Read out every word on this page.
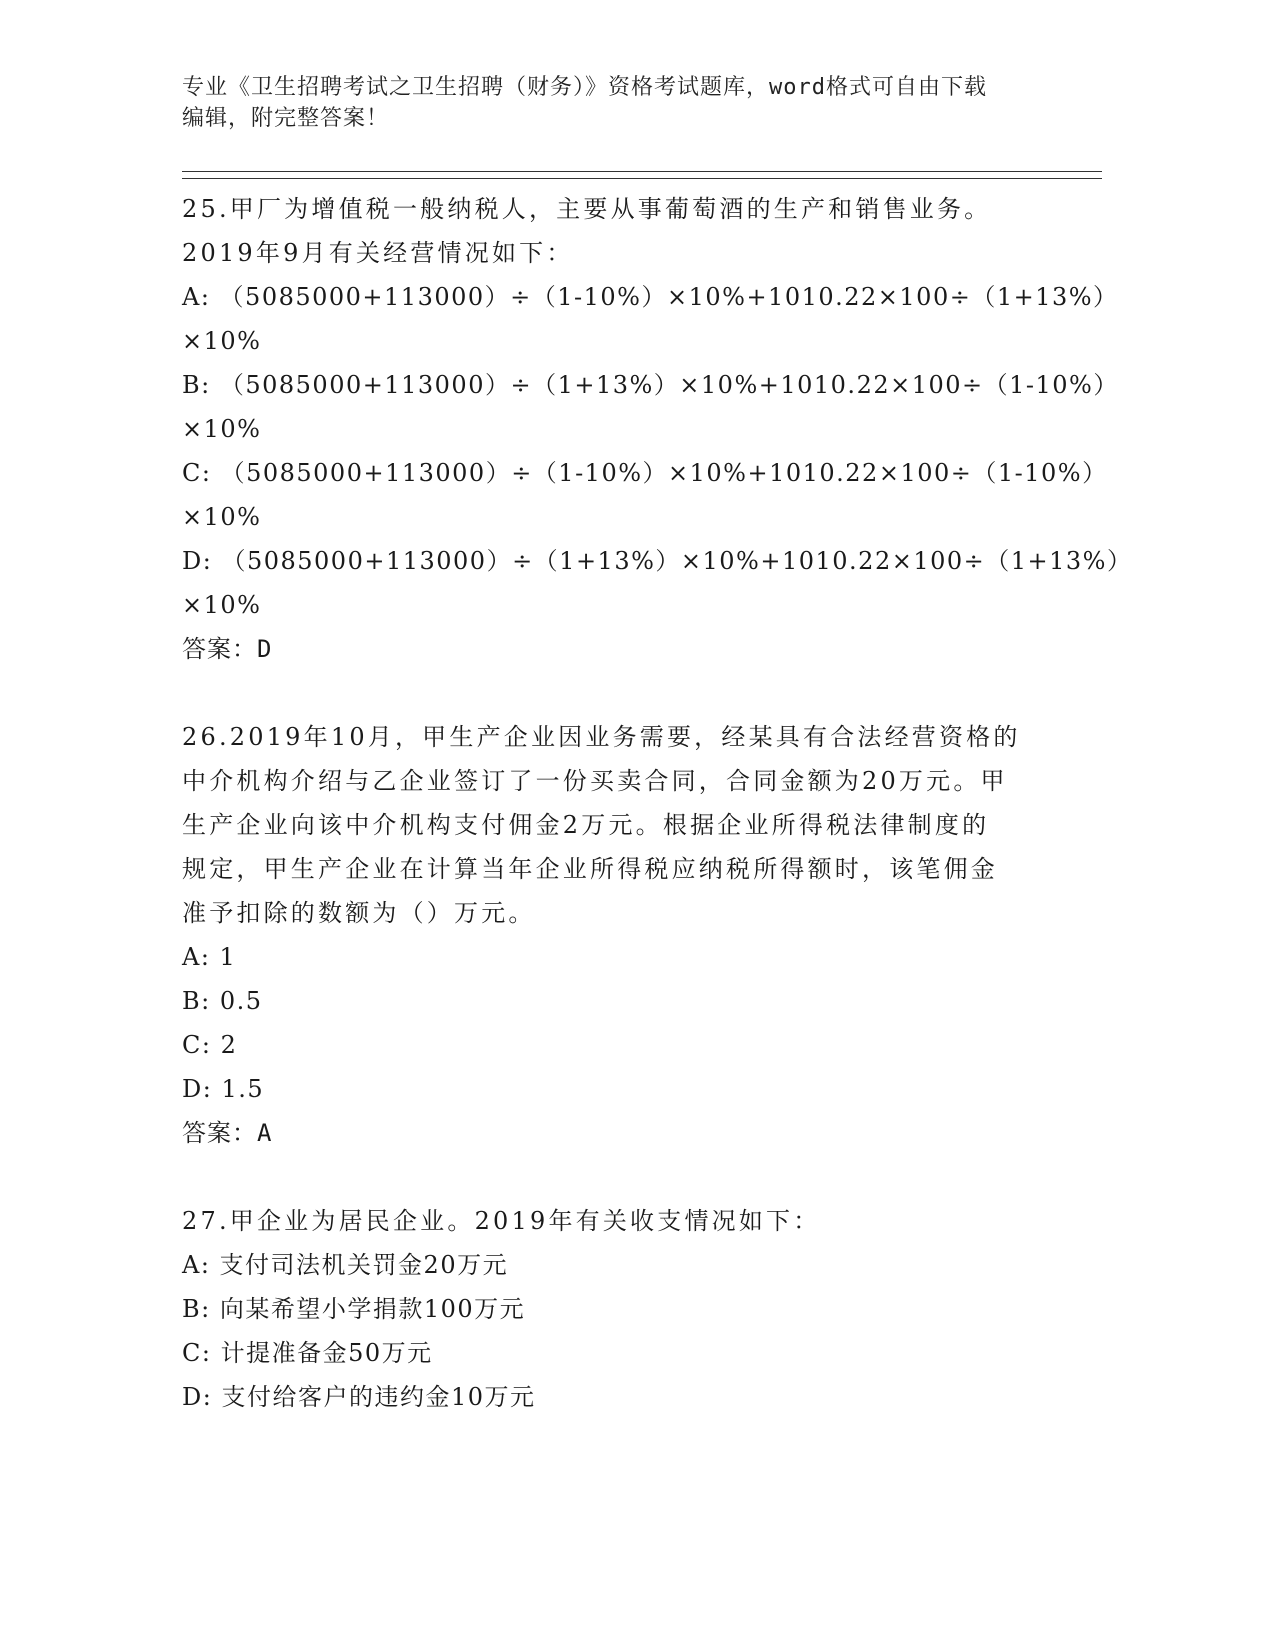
专业《卫生招聘考试之卫生招聘（财务）》资格考试题库，word格式可自由下载
编辑，附完整答案！
25.甲厂为增值税一般纳税人，主要从事葡萄酒的生产和销售业务。
2019年9月有关经营情况如下：
A: （5085000+113000）÷（1-10%）×10%+1010.22×100÷（1+13%）
×10%
B: （5085000+113000）÷（1+13%）×10%+1010.22×100÷（1-10%）
×10%
C: （5085000+113000）÷（1-10%）×10%+1010.22×100÷（1-10%）
×10%
D: （5085000+113000）÷（1+13%）×10%+1010.22×100÷（1+13%）
×10%
答案：D
26.2019年10月，甲生产企业因业务需要，经某具有合法经营资格的
中介机构介绍与乙企业签订了一份买卖合同，合同金额为20万元。甲
生产企业向该中介机构支付佣金2万元。根据企业所得税法律制度的
规定，甲生产企业在计算当年企业所得税应纳税所得额时，该笔佣金
准予扣除的数额为（）万元。
A: 1
B: 0.5
C: 2
D: 1.5
答案：A
27.甲企业为居民企业。2019年有关收支情况如下：
A: 支付司法机关罚金20万元
B: 向某希望小学捐款100万元
C: 计提准备金50万元
D: 支付给客户的违约金10万元
